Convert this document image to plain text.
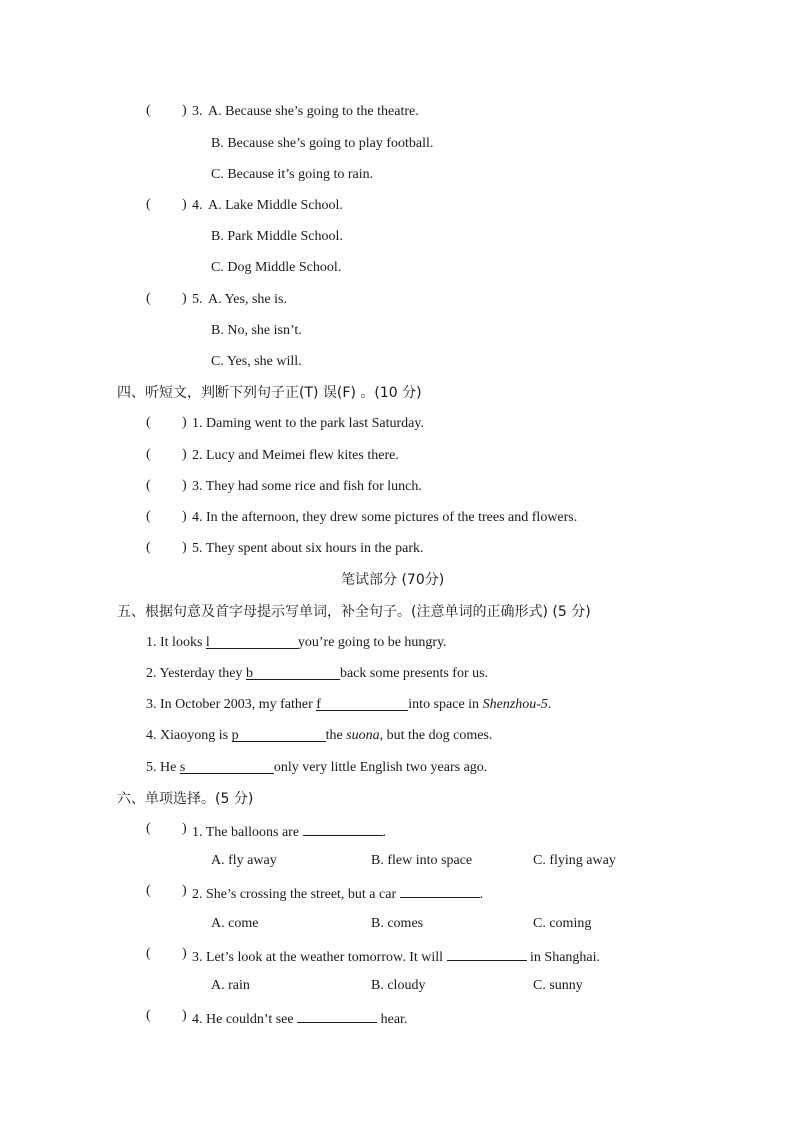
( ) 3. A. Because she’s going to the theatre.
B. Because she’s going to play football.
C. Because it’s going to rain.
( ) 4. A. Lake Middle School.
B. Park Middle School.
C. Dog Middle School.
( ) 5. A. Yes, she is.
B. No, she isn’t.
C. Yes, she will.
四、听短文，判断下列句子正(T) 误(F) 。(10 分)
( ) 1. Daming went to the park last Saturday.
( ) 2. Lucy and Meimei flew kites there.
( ) 3. They had some rice and fish for lunch.
( ) 4. In the afternoon, they drew some pictures of the trees and flowers.
( ) 5. They spent about six hours in the park.
笔试部分 (70分)
五、根据句意及首字母提示写单词，补全句子。(注意单词的正确形式) (5 分)
1. It looks l	you’re going to be hungry.
2. Yesterday they b	back some presents for us.
3. In October 2003, my father f	into space in Shenzhou-5.
4. Xiaoyong is p	the suona, but the dog comes.
5. He s	only very little English two years ago.
六、单项选择。(5 分)
( ) 1. The balloons are	.
A. fly away	B. flew into space	C. flying away
( ) 2. She’s crossing the street, but a car	.
A. come	B. comes	C. coming
( ) 3. Let’s look at the weather tomorrow. It will	in Shanghai.
A. rain	B. cloudy	C. sunny
( ) 4. He couldn’t see	hear.
